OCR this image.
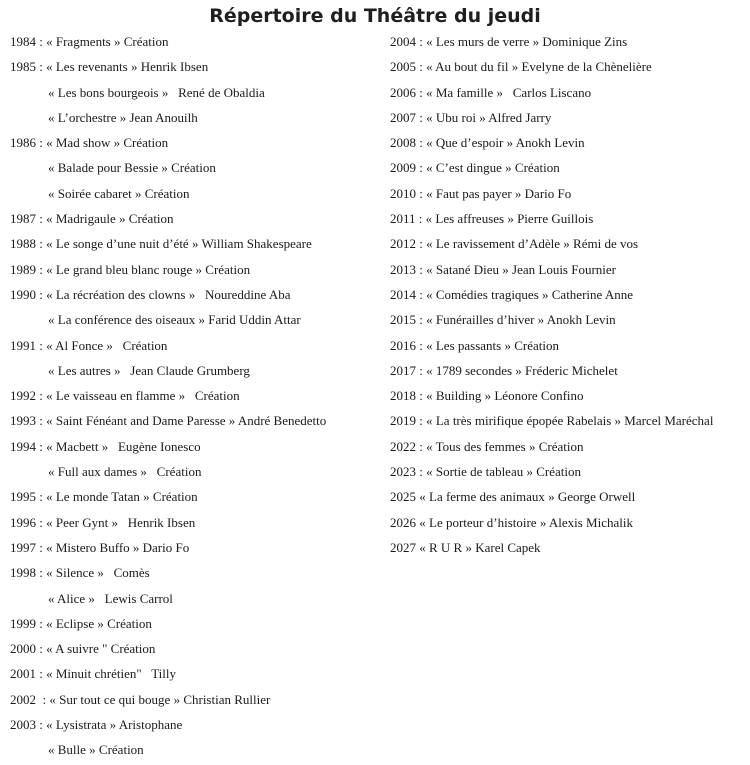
Répertoire du Théâtre du jeudi
1984 : « Fragments » Création
1985 : « Les revenants » Henrik Ibsen
« Les bons bourgeois »   René de Obaldia
« L’orchestre » Jean Anouilh
1986 : « Mad show » Création
« Balade pour Bessie » Création
« Soirée cabaret » Création
1987 : « Madrigaule » Création
1988 : « Le songe d’une nuit d’été » William Shakespeare
1989 : « Le grand bleu blanc rouge » Création
1990 : « La récréation des clowns »   Noureddine Aba
« La conférence des oiseaux » Farid Uddin Attar
1991 : « Al Fonce »   Création
« Les autres »   Jean Claude Grumberg
1992 : « Le vaisseau en flamme »   Création
1993 : « Saint Fénéant and Dame Paresse » André Benedetto
1994 : « Macbett »   Eugène Ionesco
« Full aux dames »   Création
1995 : « Le monde Tatan » Création
1996 : « Peer Gynt »   Henrik Ibsen
1997 : « Mistero Buffo » Dario Fo
1998 : « Silence »   Comès
« Alice »   Lewis Carrol
1999 : « Eclipse » Création
2000 : « A suivre " Création
2001 : « Minuit chrétien"   Tilly
2002  : « Sur tout ce qui bouge » Christian Rullier
2003 : « Lysistrata » Aristophane
« Bulle » Création
2004 : « Les murs de verre » Dominique Zins
2005 : « Au bout du fil » Evelyne de la Chènelière
2006 : « Ma famille »   Carlos Liscano
2007 : « Ubu roi » Alfred Jarry
2008 : « Que d’espoir » Anokh Levin
2009 : « C’est dingue » Création
2010 : « Faut pas payer » Dario Fo
2011 : « Les affreuses » Pierre Guillois
2012 : « Le ravissement d’Adèle » Rémi de vos
2013 : « Satané Dieu » Jean Louis Fournier
2014 : « Comédies tragiques » Catherine Anne
2015 : « Funérailles d’hiver » Anokh Levin
2016 : « Les passants » Création
2017 : « 1789 secondes » Fréderic Michelet
2018 : « Building » Léonore Confino
2019 : « La très mirifique épopée Rabelais » Marcel Maréchal
2022 : « Tous des femmes » Création
2023 : « Sortie de tableau » Création
2025 « La ferme des animaux » George Orwell
2026 « Le porteur d’histoire » Alexis Michalik
2027 « R U R » Karel Capek
